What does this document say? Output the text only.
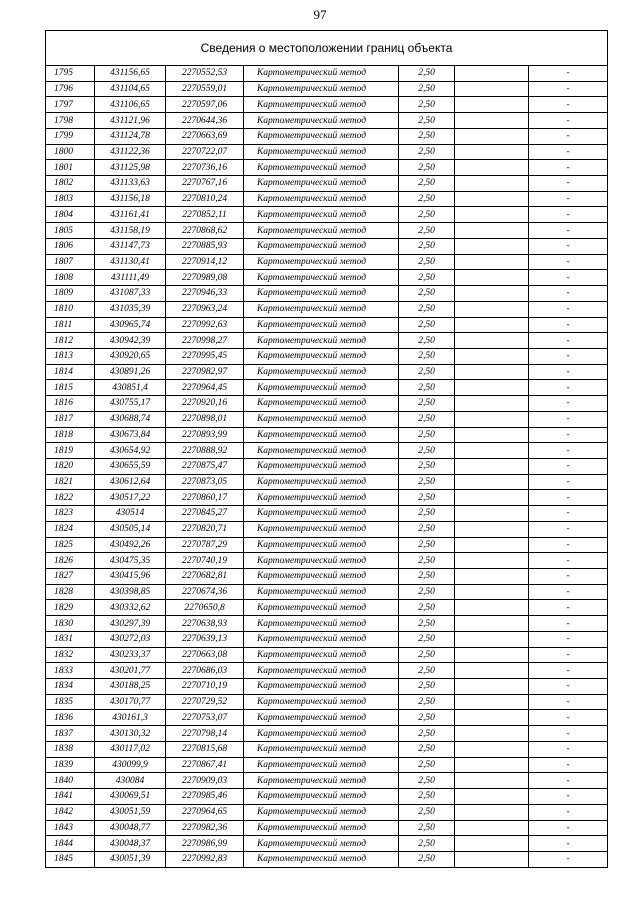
97
Сведения о местоположении границ объекта						
1795	431156,65	2270552,53	Картометрический метод	2,50		-
1796	431104,65	2270559,01	Картометрический метод	2,50		-
1797	431106,65	2270597,06	Картометрический метод	2,50		-
1798	431121,96	2270644,36	Картометрический метод	2,50		-
1799	431124,78	2270663,69	Картометрический метод	2,50		-
1800	431122,36	2270722,07	Картометрический метод	2,50		-
1801	431125,98	2270736,16	Картометрический метод	2,50		-
1802	431133,63	2270767,16	Картометрический метод	2,50		-
1803	431156,18	2270810,24	Картометрический метод	2,50		-
1804	431161,41	2270852,11	Картометрический метод	2,50		-
1805	431158,19	2270868,62	Картометрический метод	2,50		-
1806	431147,73	2270885,93	Картометрический метод	2,50		-
1807	431130,41	2270914,12	Картометрический метод	2,50		-
1808	431111,49	2270989,08	Картометрический метод	2,50		-
1809	431087,33	2270946,33	Картометрический метод	2,50		-
1810	431035,39	2270963,24	Картометрический метод	2,50		-
1811	430965,74	2270992,63	Картометрический метод	2,50		-
1812	430942,39	2270998,27	Картометрический метод	2,50		-
1813	430920,65	2270995,45	Картометрический метод	2,50		-
1814	430891,26	2270982,97	Картометрический метод	2,50		-
1815	430851,4	2270964,45	Картометрический метод	2,50		-
1816	430755,17	2270920,16	Картометрический метод	2,50		-
1817	430688,74	2270898,01	Картометрический метод	2,50		-
1818	430673,84	2270893,99	Картометрический метод	2,50		-
1819	430654,92	2270888,92	Картометрический метод	2,50		-
1820	430655,59	2270875,47	Картометрический метод	2,50		-
1821	430612,64	2270873,05	Картометрический метод	2,50		-
1822	430517,22	2270860,17	Картометрический метод	2,50		-
1823	430514	2270845,27	Картометрический метод	2,50		-
1824	430505,14	2270820,71	Картометрический метод	2,50		-
1825	430492,26	2270787,29	Картометрический метод	2,50		-
1826	430475,35	2270740,19	Картометрический метод	2,50		-
1827	430415,96	2270682,81	Картометрический метод	2,50		-
1828	430398,85	2270674,36	Картометрический метод	2,50		-
1829	430332,62	2270650,8	Картометрический метод	2,50		-
1830	430297,39	2270638,93	Картометрический метод	2,50		-
1831	430272,03	2270639,13	Картометрический метод	2,50		-
1832	430233,37	2270663,08	Картометрический метод	2,50		-
1833	430201,77	2270686,03	Картометрический метод	2,50		-
1834	430188,25	2270710,19	Картометрический метод	2,50		-
1835	430170,77	2270729,52	Картометрический метод	2,50		-
1836	430161,3	2270753,07	Картометрический метод	2,50		-
1837	430130,32	2270798,14	Картометрический метод	2,50		-
1838	430117,02	2270815,68	Картометрический метод	2,50		-
1839	430099,9	2270867,41	Картометрический метод	2,50		-
1840	430084	2270909,03	Картометрический метод	2,50		-
1841	430069,51	2270985,46	Картометрический метод	2,50		-
1842	430051,59	2270964,65	Картометрический метод	2,50		-
1843	430048,77	2270982,36	Картометрический метод	2,50		-
1844	430048,37	2270986,99	Картометрический метод	2,50		-
1845	430051,39	2270992,83	Картометрический метод	2,50		-
